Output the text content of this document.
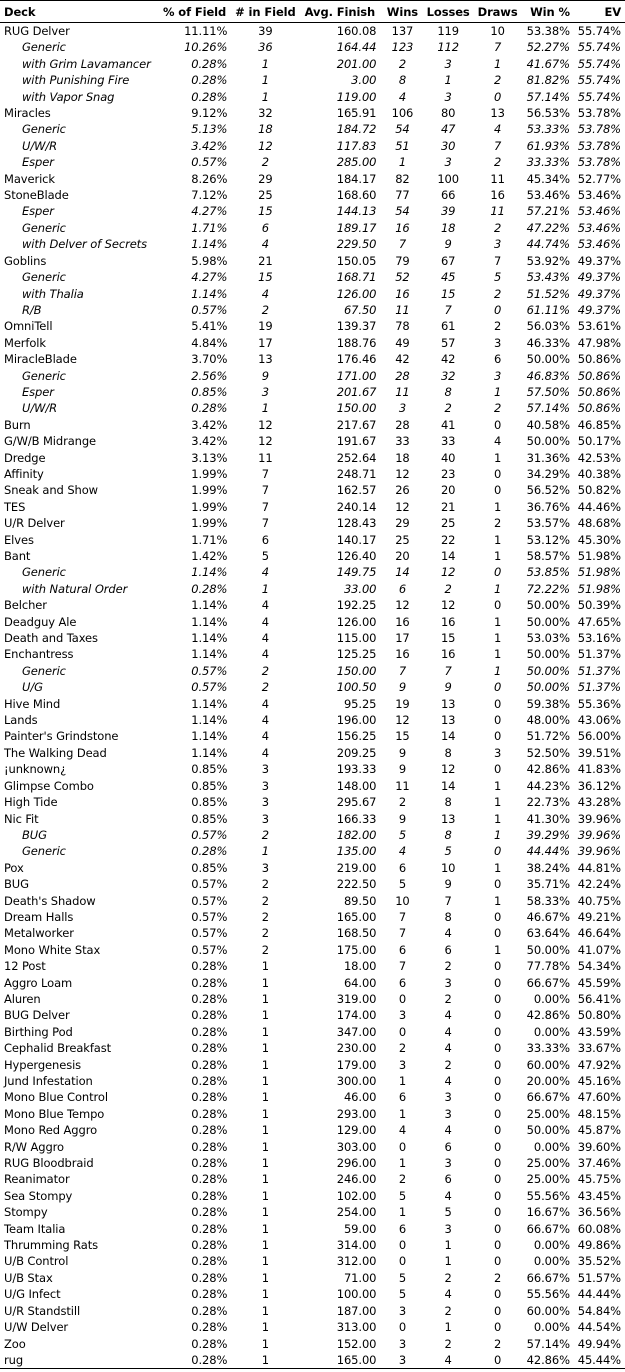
Deck	% of Field	# in Field	Avg. Finish	Wins	Losses	Draws	Win %	EV
RUG Delver	11.11%	39	160.08	137	119	10	53.38%	55.74%
Generic	10.26%	36	164.44	123	112	7	52.27%	55.74%
with Grim Lavamancer	0.28%	1	201.00	2	3	1	41.67%	55.74%
with Punishing Fire	0.28%	1	3.00	8	1	2	81.82%	55.74%
with Vapor Snag	0.28%	1	119.00	4	3	0	57.14%	55.74%
Miracles	9.12%	32	165.91	106	80	13	56.53%	53.78%
Generic	5.13%	18	184.72	54	47	4	53.33%	53.78%
U/W/R	3.42%	12	117.83	51	30	7	61.93%	53.78%
Esper	0.57%	2	285.00	1	3	2	33.33%	53.78%
Maverick	8.26%	29	184.17	82	100	11	45.34%	52.77%
StoneBlade	7.12%	25	168.60	77	66	16	53.46%	53.46%
Esper	4.27%	15	144.13	54	39	11	57.21%	53.46%
Generic	1.71%	6	189.17	16	18	2	47.22%	53.46%
with Delver of Secrets	1.14%	4	229.50	7	9	3	44.74%	53.46%
Goblins	5.98%	21	150.05	79	67	7	53.92%	49.37%
Generic	4.27%	15	168.71	52	45	5	53.43%	49.37%
with Thalia	1.14%	4	126.00	16	15	2	51.52%	49.37%
R/B	0.57%	2	67.50	11	7	0	61.11%	49.37%
OmniTell	5.41%	19	139.37	78	61	2	56.03%	53.61%
Merfolk	4.84%	17	188.76	49	57	3	46.33%	47.98%
MiracleBlade	3.70%	13	176.46	42	42	6	50.00%	50.86%
Generic	2.56%	9	171.00	28	32	3	46.83%	50.86%
Esper	0.85%	3	201.67	11	8	1	57.50%	50.86%
U/W/R	0.28%	1	150.00	3	2	2	57.14%	50.86%
Burn	3.42%	12	217.67	28	41	0	40.58%	46.85%
G/W/B Midrange	3.42%	12	191.67	33	33	4	50.00%	50.17%
Dredge	3.13%	11	252.64	18	40	1	31.36%	42.53%
Affinity	1.99%	7	248.71	12	23	0	34.29%	40.38%
Sneak and Show	1.99%	7	162.57	26	20	0	56.52%	50.82%
TES	1.99%	7	240.14	12	21	1	36.76%	44.46%
U/R Delver	1.99%	7	128.43	29	25	2	53.57%	48.68%
Elves	1.71%	6	140.17	25	22	1	53.12%	45.30%
Bant	1.42%	5	126.40	20	14	1	58.57%	51.98%
Generic	1.14%	4	149.75	14	12	0	53.85%	51.98%
with Natural Order	0.28%	1	33.00	6	2	1	72.22%	51.98%
Belcher	1.14%	4	192.25	12	12	0	50.00%	50.39%
Deadguy Ale	1.14%	4	126.00	16	16	1	50.00%	47.65%
Death and Taxes	1.14%	4	115.00	17	15	1	53.03%	53.16%
Enchantress	1.14%	4	125.25	16	16	1	50.00%	51.37%
Generic	0.57%	2	150.00	7	7	1	50.00%	51.37%
U/G	0.57%	2	100.50	9	9	0	50.00%	51.37%
Hive Mind	1.14%	4	95.25	19	13	0	59.38%	55.36%
Lands	1.14%	4	196.00	12	13	0	48.00%	43.06%
Painter's Grindstone	1.14%	4	156.25	15	14	0	51.72%	56.00%
The Walking Dead	1.14%	4	209.25	9	8	3	52.50%	39.51%
¡unknown¿	0.85%	3	193.33	9	12	0	42.86%	41.83%
Glimpse Combo	0.85%	3	148.00	11	14	1	44.23%	36.12%
High Tide	0.85%	3	295.67	2	8	1	22.73%	43.28%
Nic Fit	0.85%	3	166.33	9	13	1	41.30%	39.96%
BUG	0.57%	2	182.00	5	8	1	39.29%	39.96%
Generic	0.28%	1	135.00	4	5	0	44.44%	39.96%
Pox	0.85%	3	219.00	6	10	1	38.24%	44.81%
BUG	0.57%	2	222.50	5	9	0	35.71%	42.24%
Death's Shadow	0.57%	2	89.50	10	7	1	58.33%	40.75%
Dream Halls	0.57%	2	165.00	7	8	0	46.67%	49.21%
Metalworker	0.57%	2	168.50	7	4	0	63.64%	46.64%
Mono White Stax	0.57%	2	175.00	6	6	1	50.00%	41.07%
12 Post	0.28%	1	18.00	7	2	0	77.78%	54.34%
Aggro Loam	0.28%	1	64.00	6	3	0	66.67%	45.59%
Aluren	0.28%	1	319.00	0	2	0	0.00%	56.41%
BUG Delver	0.28%	1	174.00	3	4	0	42.86%	50.80%
Birthing Pod	0.28%	1	347.00	0	4	0	0.00%	43.59%
Cephalid Breakfast	0.28%	1	230.00	2	4	0	33.33%	33.67%
Hypergenesis	0.28%	1	179.00	3	2	0	60.00%	47.92%
Jund Infestation	0.28%	1	300.00	1	4	0	20.00%	45.16%
Mono Blue Control	0.28%	1	46.00	6	3	0	66.67%	47.60%
Mono Blue Tempo	0.28%	1	293.00	1	3	0	25.00%	48.15%
Mono Red Aggro	0.28%	1	129.00	4	4	0	50.00%	45.87%
R/W Aggro	0.28%	1	303.00	0	6	0	0.00%	39.60%
RUG Bloodbraid	0.28%	1	296.00	1	3	0	25.00%	37.46%
Reanimator	0.28%	1	246.00	2	6	0	25.00%	45.75%
Sea Stompy	0.28%	1	102.00	5	4	0	55.56%	43.45%
Stompy	0.28%	1	254.00	1	5	0	16.67%	36.56%
Team Italia	0.28%	1	59.00	6	3	0	66.67%	60.08%
Thrumming Rats	0.28%	1	314.00	0	1	0	0.00%	49.86%
U/B Control	0.28%	1	312.00	0	1	0	0.00%	35.52%
U/B Stax	0.28%	1	71.00	5	2	2	66.67%	51.57%
U/G Infect	0.28%	1	100.00	5	4	0	55.56%	44.44%
U/R Standstill	0.28%	1	187.00	3	2	0	60.00%	54.84%
U/W Delver	0.28%	1	313.00	0	1	0	0.00%	44.54%
Zoo	0.28%	1	152.00	3	2	2	57.14%	49.94%
rug	0.28%	1	165.00	3	4	0	42.86%	45.44%
